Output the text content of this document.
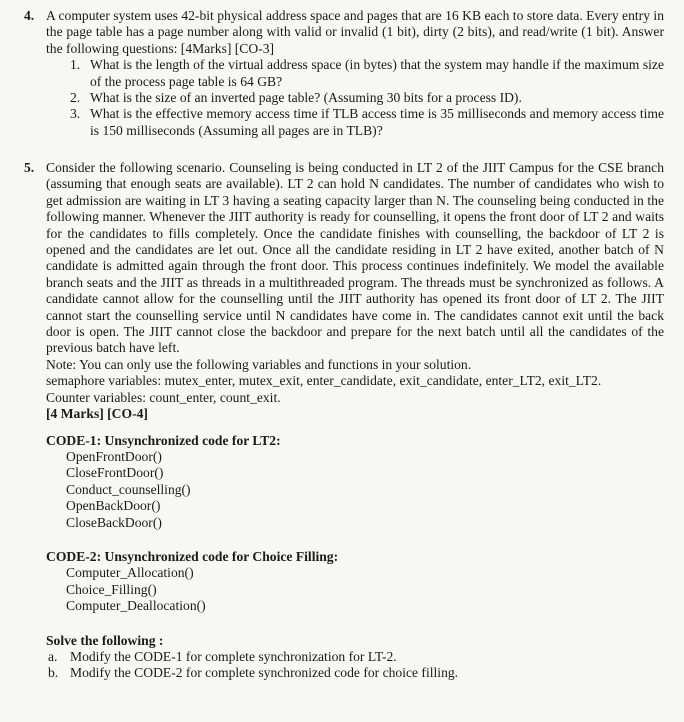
4. A computer system uses 42-bit physical address space and pages that are 16 KB each to store data. Every entry in the page table has a page number along with valid or invalid (1 bit), dirty (2 bits), and read/write (1 bit). Answer the following questions: [4Marks] [CO-3]

1. What is the length of the virtual address space (in bytes) that the system may handle if the maximum size of the process page table is 64 GB?
2. What is the size of an inverted page table? (Assuming 30 bits for a process ID).
3. What is the effective memory access time if TLB access time is 35 milliseconds and memory access time is 150 milliseconds (Assuming all pages are in TLB)?
5. Consider the following scenario. Counseling is being conducted in LT 2 of the JIIT Campus for the CSE branch (assuming that enough seats are available). LT 2 can hold N candidates. The number of candidates who wish to get admission are waiting in LT 3 having a seating capacity larger than N. The counseling being conducted in the following manner. Whenever the JIIT authority is ready for counselling, it opens the front door of LT 2 and waits for the candidates to fills completely. Once the candidate finishes with counselling, the backdoor of LT 2 is opened and the candidates are let out. Once all the candidate residing in LT 2 have exited, another batch of N candidate is admitted again through the front door. This process continues indefinitely. We model the available branch seats and the JIIT as threads in a multithreaded program. The threads must be synchronized as follows. A candidate cannot allow for the counselling until the JIIT authority has opened its front door of LT 2. The JIIT cannot start the counselling service until N candidates have come in. The candidates cannot exit until the back door is open. The JIIT cannot close the backdoor and prepare for the next batch until all the candidates of the previous batch have left.

Note: You can only use the following variables and functions in your solution.

semaphore variables: mutex_enter, mutex_exit, enter_candidate, exit_candidate, enter_LT2, exit_LT2.

Counter variables: count_enter, count_exit.

[4 Marks] [CO-4]

CODE-1: Unsynchronized code for LT2:
OpenFrontDoor()
CloseFrontDoor()
Conduct_counselling()
OpenBackDoor()
CloseBackDoor()
CODE-2: Unsynchronized code for Choice Filling:
Computer_Allocation()
Choice_Filling()
Computer_Deallocation()
Solve the following :
a. Modify the CODE-1 for complete synchronization for LT-2.
b. Modify the CODE-2 for complete synchronized code for choice filling.
